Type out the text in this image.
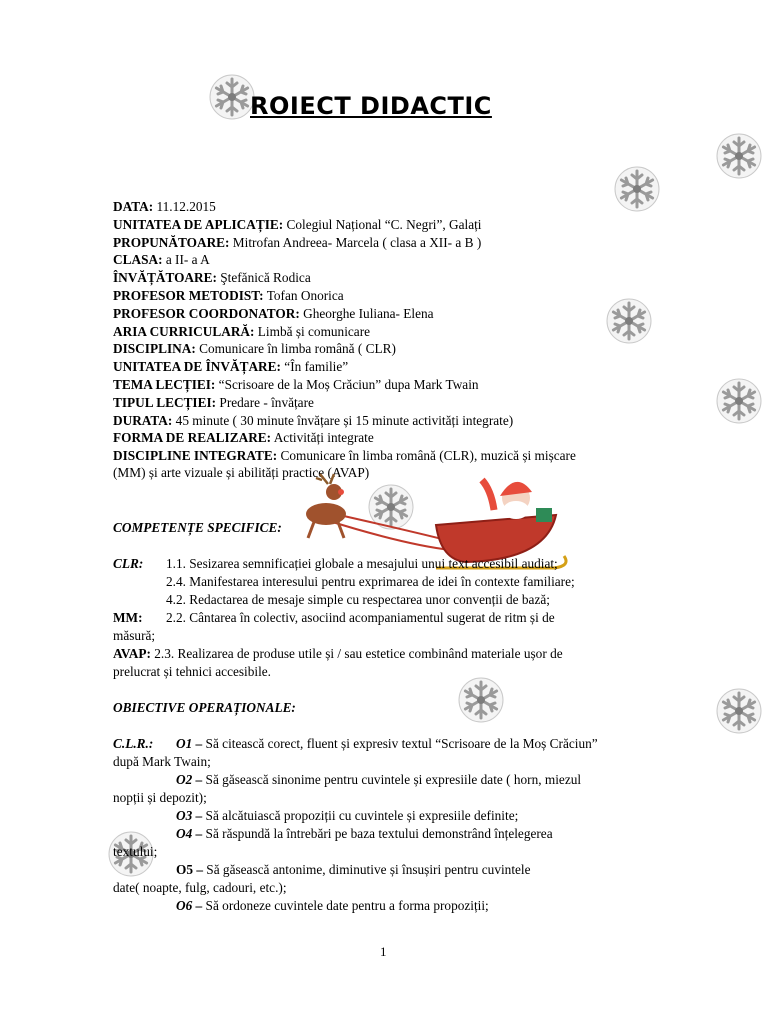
ROIECT DIDACTIC
DATA: 11.12.2015
UNITATEA DE APLICAȚIE: Colegiul Național “C. Negri”, Galați
PROPUNĂTOARE: Mitrofan Andreea- Marcela ( clasa a XII- a B )
CLASA: a II- a A
ÎNVĂȚĂTOARE: Ştefănică Rodica
PROFESOR METODIST: Tofan Onorica
PROFESOR COORDONATOR: Gheorghe Iuliana- Elena
ARIA CURRICULARĂ: Limbă și comunicare
DISCIPLINA: Comunicare în limba română ( CLR)
UNITATEA DE ÎNVĂȚARE: “În familie”
TEMA LECȚIEI: “Scrisoare de la Moș Crăciun” dupa Mark Twain
TIPUL LECȚIEI: Predare - învățare
DURATA: 45 minute ( 30 minute învățare și 15 minute activități integrate)
FORMA DE REALIZARE: Activități integrate
DISCIPLINE INTEGRATE: Comunicare în limba română (CLR), muzică și mișcare
(MM) și arte vizuale și abilități practice (AVAP)
COMPETENȚE SPECIFICE:
CLR: 1.1. Sesizarea semnificației globale a mesajului unui text accesibil audiat;
2.4. Manifestarea interesului pentru exprimarea de idei în contexte familiare;
4.2. Redactarea de mesaje simple cu respectarea unor convenții de bază;
MM: 2.2. Cântarea în colectiv, asociind acompaniamentul sugerat de ritm și de
măsură;
AVAP: 2.3. Realizarea de produse utile și / sau estetice combinând materiale ușor de
prelucrat și tehnici accesibile.
OBIECTIVE OPERAȚIONALE:
C.L.R.: O1 – Să citească corect, fluent și expresiv textul “Scrisoare de la Moș Crăciun”
după Mark Twain;
O2 – Să găsească sinonime pentru cuvintele și expresiile date ( horn, miezul
nopții și depozit);
O3 – Să alcătuiască propoziții cu cuvintele și expresiile definite;
O4 – Să răspundă la întrebări pe baza textului demonstrând înțelegerea
textului;
O5 – Să găsească antonime, diminutive și însușiri pentru cuvintele
date( noapte, fulg, cadouri, etc.);
O6 – Să ordoneze cuvintele date pentru a forma propoziții;
1
